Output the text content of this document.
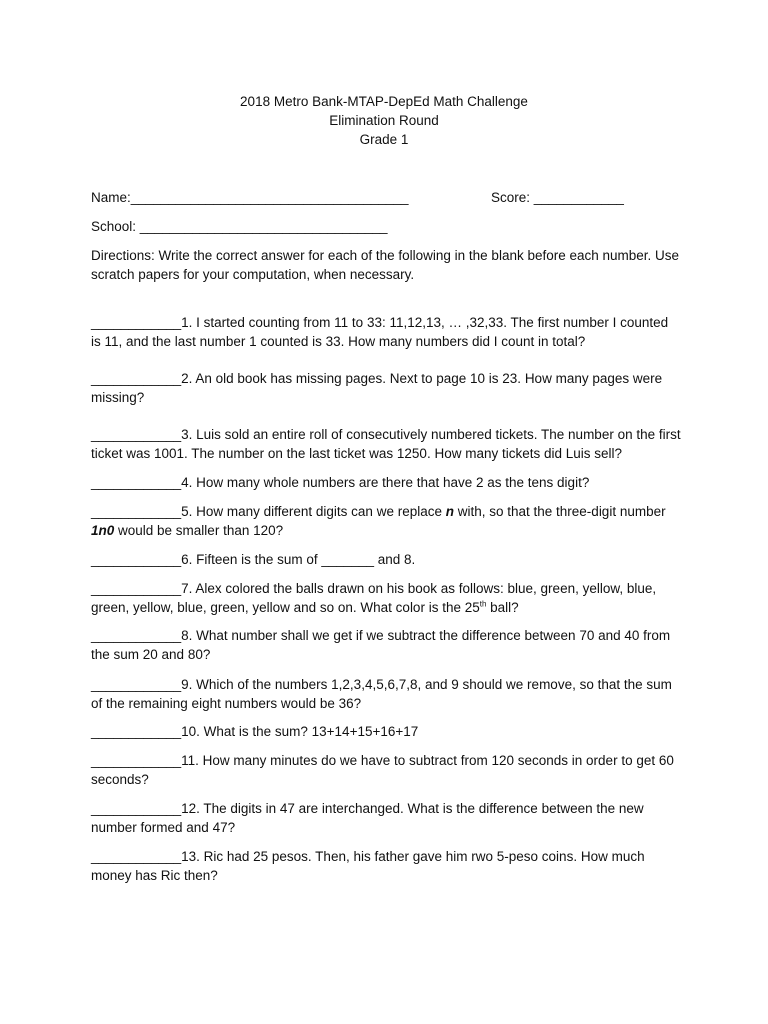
2018 Metro Bank-MTAP-DepEd Math Challenge
Elimination Round
Grade 1
Name:_____________________________________	Score: ____________
School: _________________________________
Directions: Write the correct answer for each of the following in the blank before each number. Use scratch papers for your computation, when necessary.
____________1. I started counting from 11 to 33: 11,12,13, … ,32,33. The first number I counted is 11, and the last number 1 counted is 33. How many numbers did I count in total?
____________2. An old book has missing pages. Next to page 10 is 23. How many pages were missing?
____________3. Luis sold an entire roll of consecutively numbered tickets. The number on the first ticket was 1001. The number on the last ticket was 1250. How many tickets did Luis sell?
____________4. How many whole numbers are there that have 2 as the tens digit?
____________5. How many different digits can we replace n with, so that the three-digit number 1n0 would be smaller than 120?
____________6. Fifteen is the sum of _______ and 8.
____________7. Alex colored the balls drawn on his book as follows: blue, green, yellow, blue, green, yellow, blue, green, yellow and so on. What color is the 25th ball?
____________8. What number shall we get if we subtract the difference between 70 and 40 from the sum 20 and 80?
____________9. Which of the numbers 1,2,3,4,5,6,7,8, and 9 should we remove, so that the sum of the remaining eight numbers would be 36?
____________10. What is the sum? 13+14+15+16+17
____________11. How many minutes do we have to subtract from 120 seconds in order to get 60 seconds?
____________12. The digits in 47 are interchanged. What is the difference between the new number formed and 47?
____________13. Ric had 25 pesos. Then, his father gave him rwo 5-peso coins. How much money has Ric then?
